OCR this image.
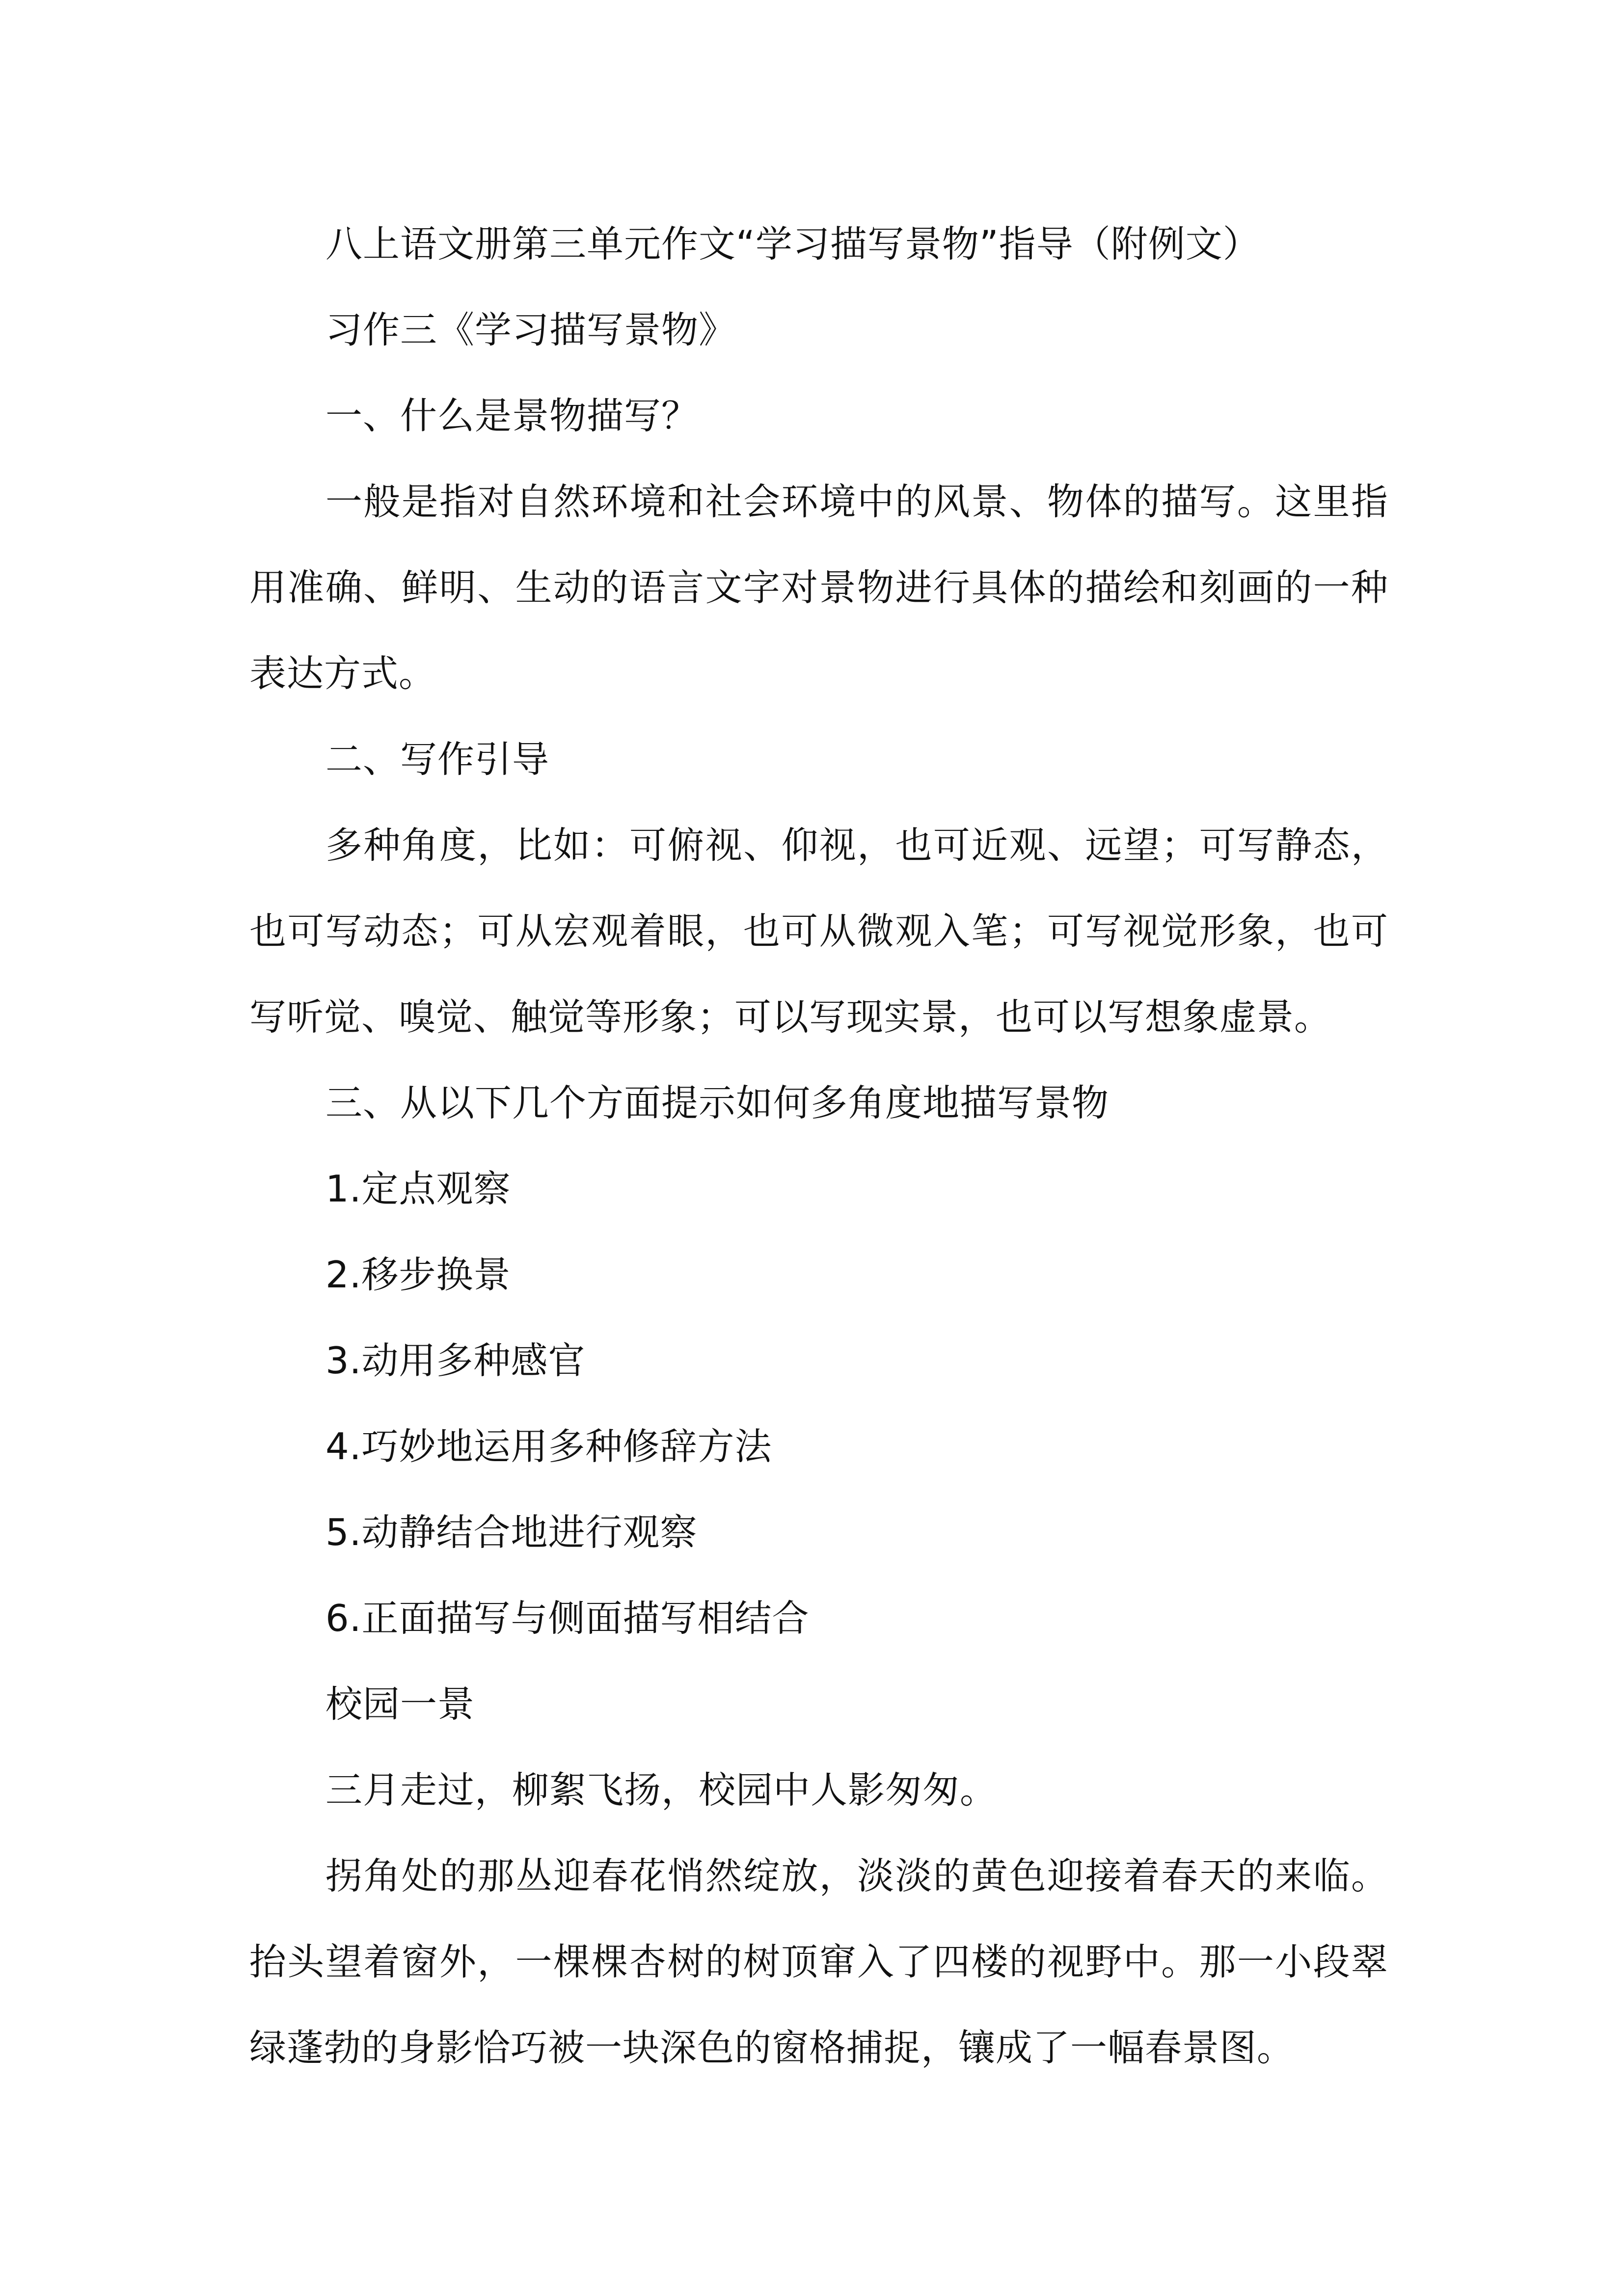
八上语文册第三单元作文“学习描写景物”指导（附例文）

习作三《学习描写景物》

一、什么是景物描写？

一般是指对自然环境和社会环境中的风景、物体的描写。这里指用准确、鲜明、生动的语言文字对景物进行具体的描绘和刻画的一种表达方式。

二、写作引导

多种角度，比如：可俯视、仰视，也可近观、远望；可写静态，也可写动态；可从宏观着眼，也可从微观入笔；可写视觉形象，也可写听觉、嗅觉、触觉等形象；可以写现实景，也可以写想象虚景。

三、从以下几个方面提示如何多角度地描写景物

1.定点观察

2.移步换景

3.动用多种感官

4.巧妙地运用多种修辞方法

5.动静结合地进行观察

6.正面描写与侧面描写相结合

校园一景

三月走过，柳絮飞扬，校园中人影匆匆。

拐角处的那丛迎春花悄然绽放，淡淡的黄色迎接着春天的来临。抬头望着窗外，一棵棵杏树的树顶窜入了四楼的视野中。那一小段翠绿蓬勃的身影恰巧被一块深色的窗格捕捉，镶成了一幅春景图。
